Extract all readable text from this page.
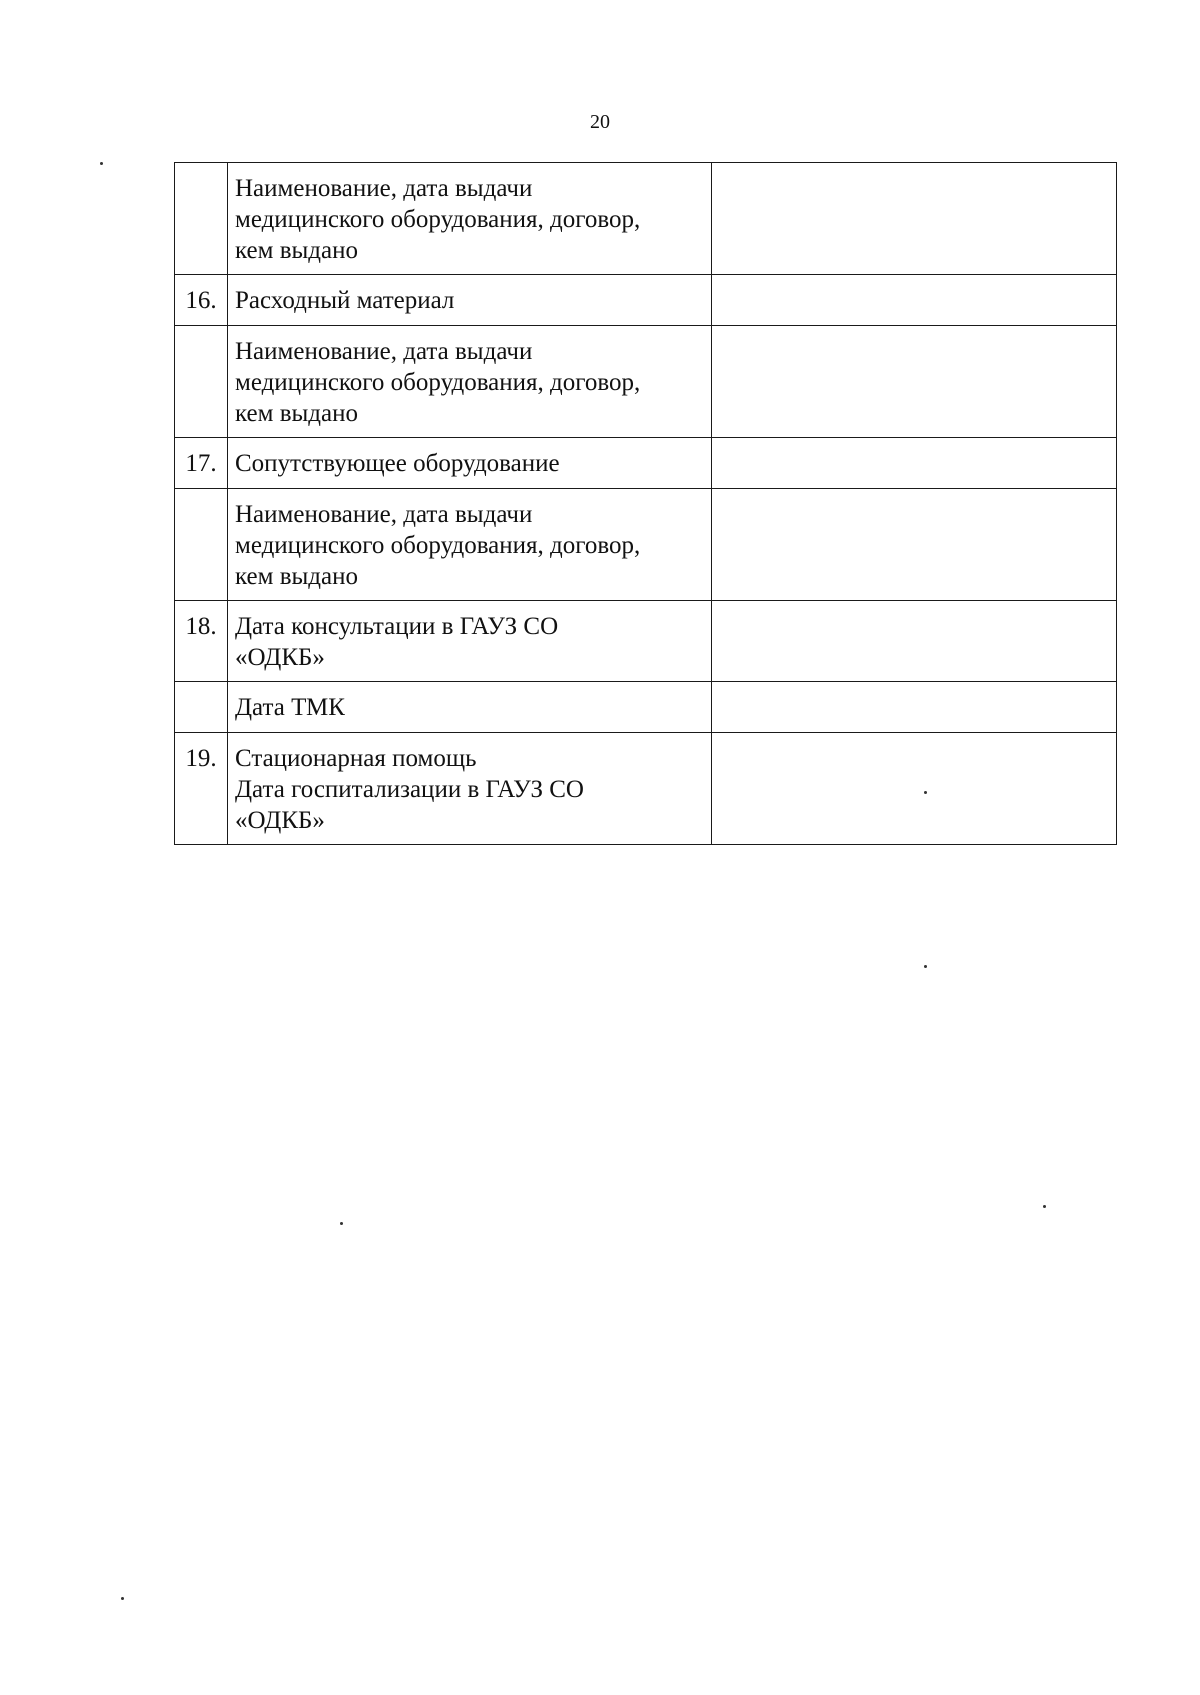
20
	Наименование, дата выдачи
медицинского оборудования, договор,
кем выдано	
16.	Расходный материал	
	Наименование, дата выдачи
медицинского оборудования, договор,
кем выдано	
17.	Сопутствующее оборудование	
	Наименование, дата выдачи
медицинского оборудования, договор,
кем выдано	
18.	Дата консультации в ГАУЗ СО
«ОДКБ»	
	Дата ТМК	
19.	Стационарная помощь
Дата госпитализации в ГАУЗ СО
«ОДКБ»	
